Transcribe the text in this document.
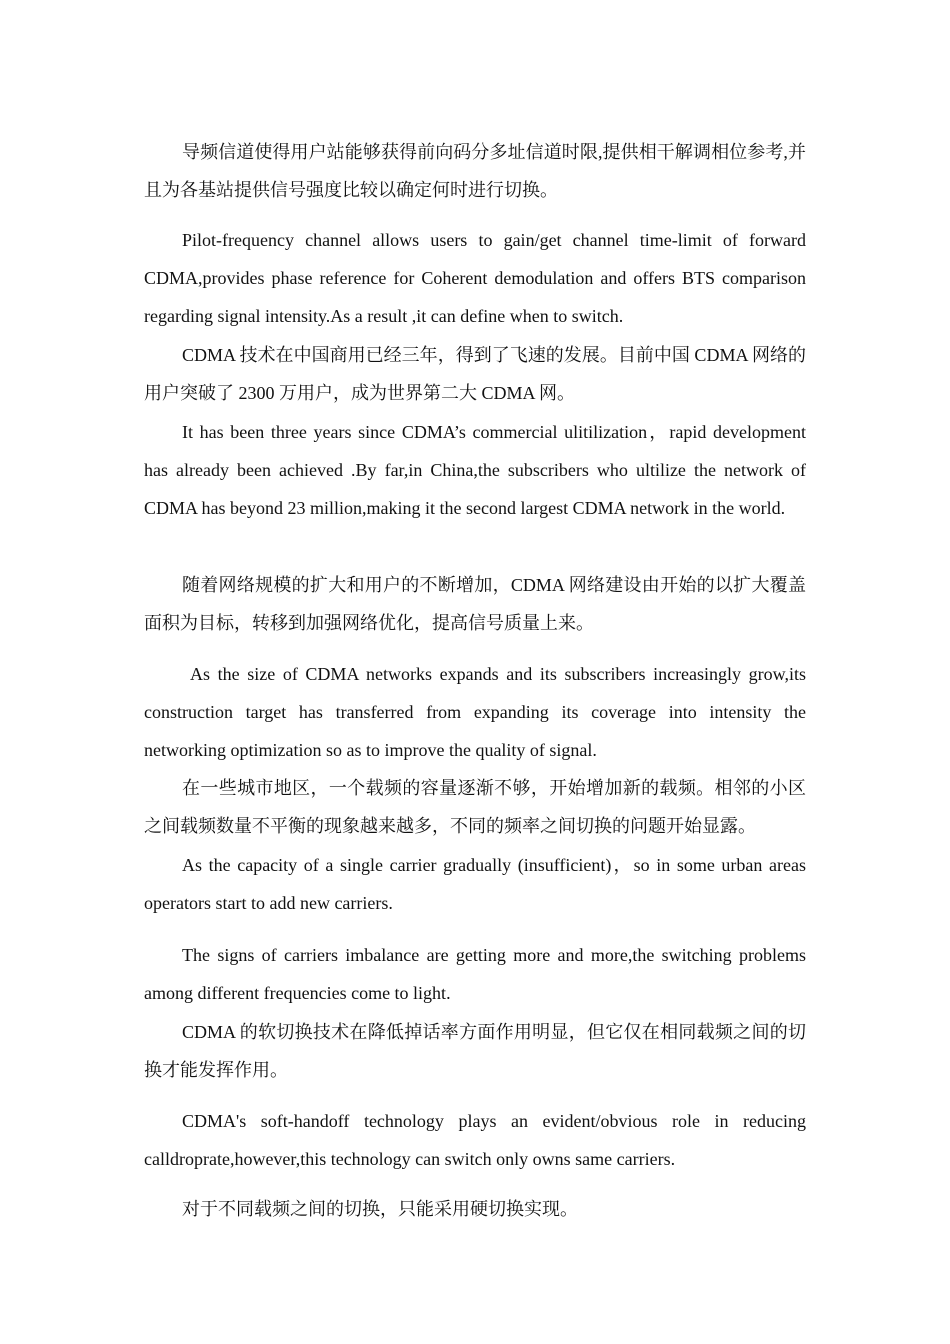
导频信道使得用户站能够获得前向码分多址信道时限,提供相干解调相位参考,并且为各基站提供信号强度比较以确定何时进行切换。

Pilot-frequency channel allows users to gain/get channel time-limit of forward CDMA,provides phase reference for Coherent demodulation and offers BTS comparison regarding signal intensity.As a result ,it can define when to switch.

CDMA 技术在中国商用已经三年，得到了飞速的发展。目前中国 CDMA 网络的用户突破了 2300 万用户，成为世界第二大 CDMA 网。

It has been three years since CDMA’s commercial ulitilization，rapid development has already been achieved .By far,in China,the subscribers who ultilize the network of CDMA has beyond 23 million,making it the second largest CDMA network in the world.

随着网络规模的扩大和用户的不断增加，CDMA 网络建设由开始的以扩大覆盖面积为目标，转移到加强网络优化，提高信号质量上来。

As the size of CDMA networks expands and its subscribers increasingly grow,its construction target has transferred from expanding its coverage into intensity the networking optimization so as to improve the quality of signal.

在一些城市地区，一个载频的容量逐渐不够，开始增加新的载频。相邻的小区之间载频数量不平衡的现象越来越多，不同的频率之间切换的问题开始显露。

As the capacity of a single carrier gradually (insufficient)，so in some urban areas operators start to add new carriers.

The signs of carriers imbalance are getting more and more,the switching problems among different frequencies come to light.

CDMA 的软切换技术在降低掉话率方面作用明显，但它仅在相同载频之间的切换才能发挥作用。

CDMA's soft-handoff technology plays an evident/obvious role in reducing calldroprate,however,this technology can switch only owns same carriers.

对于不同载频之间的切换，只能采用硬切换实现。
